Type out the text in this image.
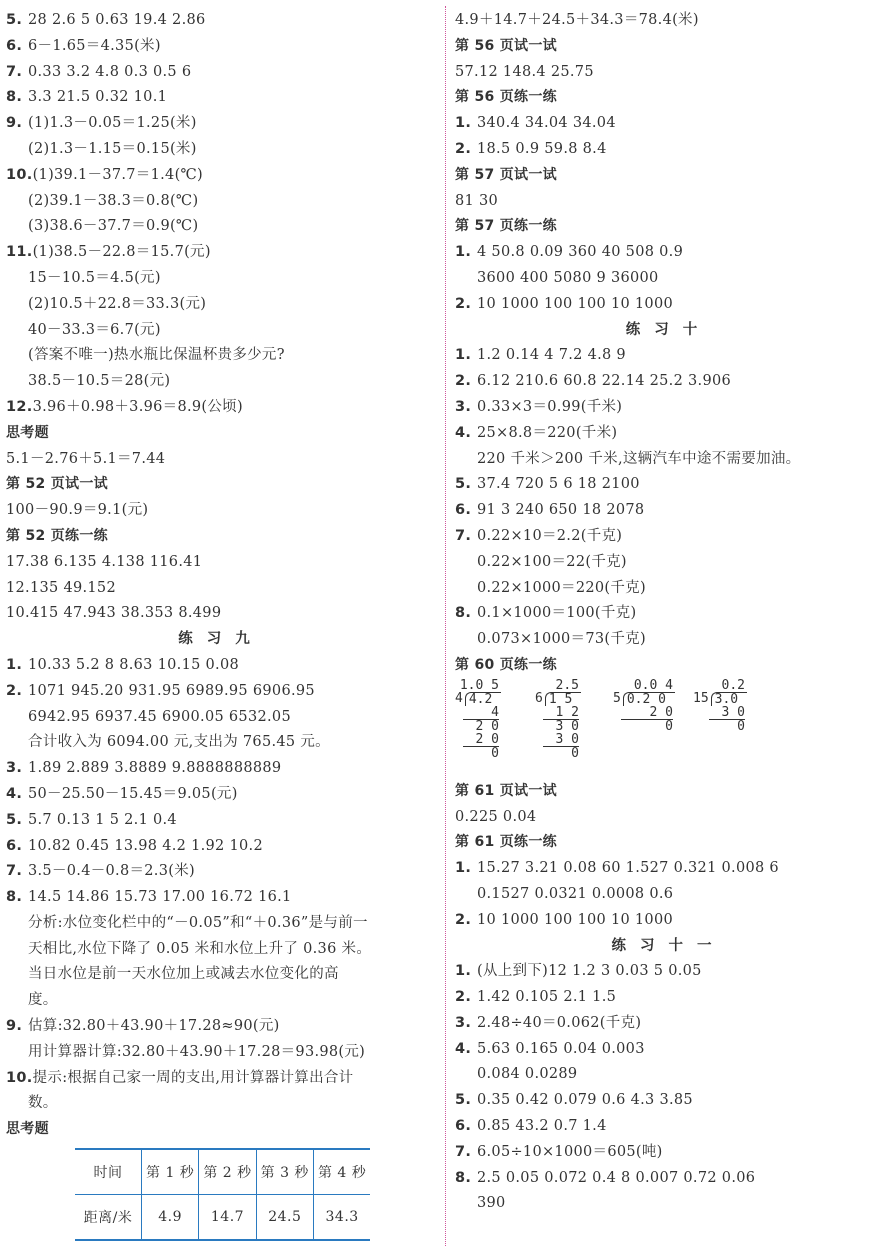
5. 28 2.6 5 0.63 19.4 2.86
6. 6－1.65＝4.35(米)
7. 0.33 3.2 4.8 0.3 0.5 6
8. 3.3 21.5 0.32 10.1
9. (1)1.3－0.05＝1.25(米)
(2)1.3－1.15＝0.15(米)
10.(1)39.1－37.7＝1.4(℃)
(2)39.1－38.3＝0.8(℃)
(3)38.6－37.7＝0.9(℃)
11.(1)38.5－22.8＝15.7(元)
15－10.5＝4.5(元)
(2)10.5＋22.8＝33.3(元)
40－33.3＝6.7(元)
(答案不唯一)热水瓶比保温杯贵多少元?
38.5－10.5＝28(元)
12.3.96＋0.98＋3.96＝8.9(公顷)
思考题
5.1－2.76＋5.1＝7.44
第 52 页试一试
100－90.9＝9.1(元)
第 52 页练一练
17.38 6.135 4.138 116.41
12.135 49.152
10.415 47.943 38.353 8.499
练习九
1. 10.33 5.2 8 8.63 10.15 0.08
2. 1071 945.20 931.95 6989.95 6906.95
6942.95 6937.45 6900.05 6532.05
合计收入为 6094.00 元,支出为 765.45 元。
3. 1.89 2.889 3.8889 9.8888888889
4. 50－25.50－15.45＝9.05(元)
5. 5.7 0.13 1 5 2.1 0.4
6. 10.82 0.45 13.98 4.2 1.92 10.2
7. 3.5－0.4－0.8＝2.3(米)
8. 14.5 14.86 15.73 17.00 16.72 16.1
分析:水位变化栏中的“－0.05”和“＋0.36”是与前一
天相比,水位下降了 0.05 米和水位上升了 0.36 米。
当日水位是前一天水位加上或减去水位变化的高
度。
9. 估算:32.80＋43.90＋17.28≈90(元)
用计算器计算:32.80＋43.90＋17.28＝93.98(元)
10.提示:根据自己家一周的支出,用计算器计算出合计
数。
思考题
时间	第 1 秒	第 2 秒	第 3 秒	第 4 秒
距离/米	4.9	14.7	24.5	34.3
4.9＋14.7＋24.5＋34.3＝78.4(米)
第 56 页试一试
57.12 148.4 25.75
第 56 页练一练
1. 340.4 34.04 34.04
2. 18.5 0.9 59.8 8.4
第 57 页试一试
81 30
第 57 页练一练
1. 4 50.8 0.09 360 40 508 0.9
3600 400 5080 9 36000
2. 10 1000 100 100 10 1000
练习十
1. 1.2 0.14 4 7.2 4.8 9
2. 6.12 210.6 60.8 22.14 25.2 3.906
3. 0.33×3＝0.99(千米)
4. 25×8.8＝220(千米)
220 千米＞200 千米,这辆汽车中途不需要加油。
5. 37.4 720 5 6 18 2100
6. 91 3 240 650 18 2078
7. 0.22×10＝2.2(千克)
0.22×100＝22(千克)
0.22×1000＝220(千克)
8. 0.1×1000＝100(千克)
0.073×1000＝73(千克)
第 60 页练一练
1.0 5
4 4.2
4
2 0
2 0
0
2.5
6 1 5
1 2
3 0
3 0
0
0.0 4
5 0.2 0
2 0
0
0.2
15 3.0
3 0
0
第 61 页试一试
0.225 0.04
第 61 页练一练
1. 15.27 3.21 0.08 60 1.527 0.321 0.008 6
0.1527 0.0321 0.0008 0.6
2. 10 1000 100 100 10 1000
练习十一
1. (从上到下)12 1.2 3 0.03 5 0.05
2. 1.42 0.105 2.1 1.5
3. 2.48÷40＝0.062(千克)
4. 5.63 0.165 0.04 0.003
0.084 0.0289
5. 0.35 0.42 0.079 0.6 4.3 3.85
6. 0.85 43.2 0.7 1.4
7. 6.05÷10×1000＝605(吨)
8. 2.5 0.05 0.072 0.4 8 0.007 0.72 0.06
390
